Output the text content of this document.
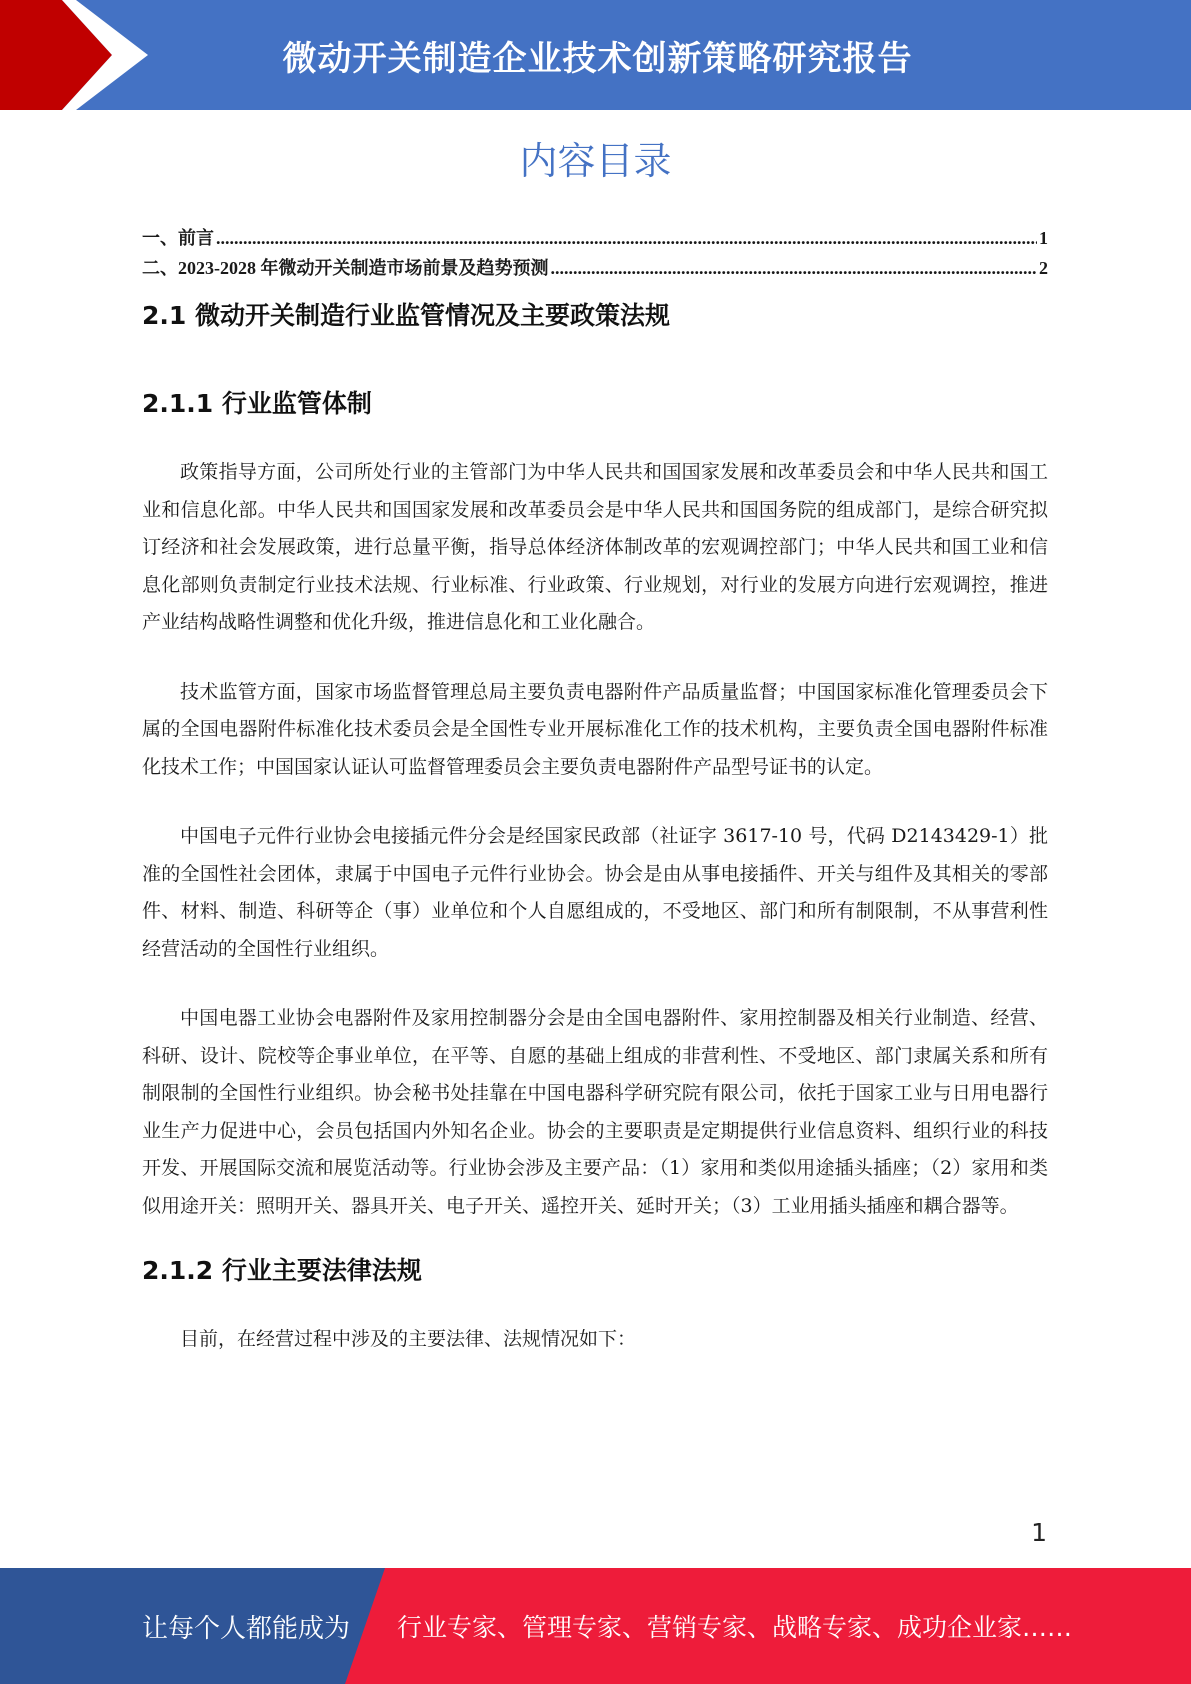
微动开关制造企业技术创新策略研究报告
内容目录
一、前言 .....	1
二、2023-2028 年微动开关制造市场前景及趋势预测 .....	2
2.1 微动开关制造行业监管情况及主要政策法规
2.1.1 行业监管体制

政策指导方面，公司所处行业的主管部门为中华人民共和国国家发展和改革委员会和中华人民共和国工业和信息化部。中华人民共和国国家发展和改革委员会是中华人民共和国国务院的组成部门，是综合研究拟订经济和社会发展政策，进行总量平衡，指导总体经济体制改革的宏观调控部门；中华人民共和国工业和信息化部则负责制定行业技术法规、行业标准、行业政策、行业规划，对行业的发展方向进行宏观调控，推进产业结构战略性调整和优化升级，推进信息化和工业化融合。

技术监管方面，国家市场监督管理总局主要负责电器附件产品质量监督；中国国家标准化管理委员会下属的全国电器附件标准化技术委员会是全国性专业开展标准化工作的技术机构，主要负责全国电器附件标准化技术工作；中国国家认证认可监督管理委员会主要负责电器附件产品型号证书的认定。

中国电子元件行业协会电接插元件分会是经国家民政部（社证字 3617-10 号，代码 D2143429-1）批准的全国性社会团体，隶属于中国电子元件行业协会。协会是由从事电接插件、开关与组件及其相关的零部件、材料、制造、科研等企（事）业单位和个人自愿组成的，不受地区、部门和所有制限制，不从事营利性经营活动的全国性行业组织。

中国电器工业协会电器附件及家用控制器分会是由全国电器附件、家用控制器及相关行业制造、经营、科研、设计、院校等企事业单位，在平等、自愿的基础上组成的非营利性、不受地区、部门隶属关系和所有制限制的全国性行业组织。协会秘书处挂靠在中国电器科学研究院有限公司，依托于国家工业与日用电器行业生产力促进中心，会员包括国内外知名企业。协会的主要职责是定期提供行业信息资料、组织行业的科技开发、开展国际交流和展览活动等。行业协会涉及主要产品：（1）家用和类似用途插头插座；（2）家用和类似用途开关：照明开关、器具开关、电子开关、遥控开关、延时开关；（3）工业用插头插座和耦合器等。

2.1.2 行业主要法律法规

目前，在经营过程中涉及的主要法律、法规情况如下：

1
让每个人都能成为 行业专家、管理专家、营销专家、战略专家、成功企业家……
